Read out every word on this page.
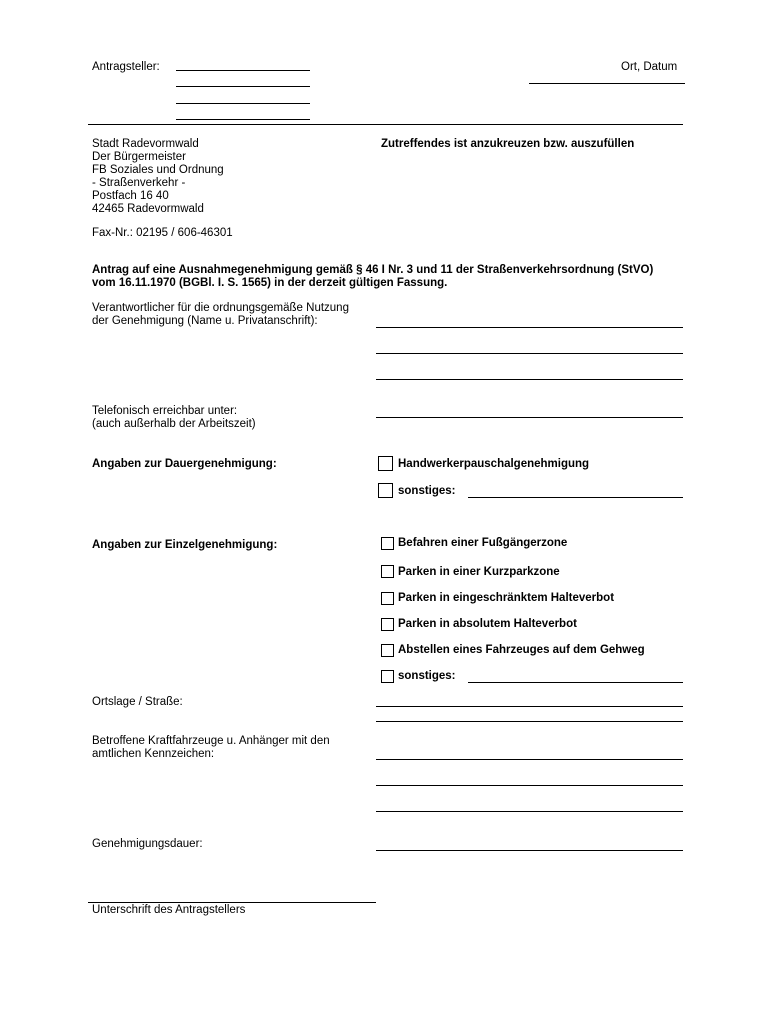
Antragsteller:	Ort, Datum
Stadt Radevormwald
Der Bürgermeister
FB Soziales und Ordnung
- Straßenverkehr -
Postfach 16 40
42465 Radevormwald
Fax-Nr.: 02195 / 606-46301
Zutreffendes ist anzukreuzen bzw. auszufüllen
Antrag auf eine Ausnahmegenehmigung gemäß § 46 I Nr. 3 und 11 der Straßenverkehrsordnung (StVO)
vom 16.11.1970 (BGBl. I. S. 1565) in der derzeit gültigen Fassung.
Verantwortlicher für die ordnungsgemäße Nutzung
der Genehmigung (Name u. Privatanschrift):
Telefonisch erreichbar unter:
(auch außerhalb der Arbeitszeit)
Angaben zur Dauergenehmigung:	Handwerkerpauschalgenehmigung
sonstiges:
Angaben zur Einzelgenehmigung:	Befahren einer Fußgängerzone
Parken in einer Kurzparkzone
Parken in eingeschränktem Halteverbot
Parken in absolutem Halteverbot
Abstellen eines Fahrzeuges auf dem Gehweg
sonstiges:
Ortslage / Straße:
Betroffene Kraftfahrzeuge u. Anhänger mit den
amtlichen Kennzeichen:
Genehmigungsdauer:
Unterschrift des Antragstellers
